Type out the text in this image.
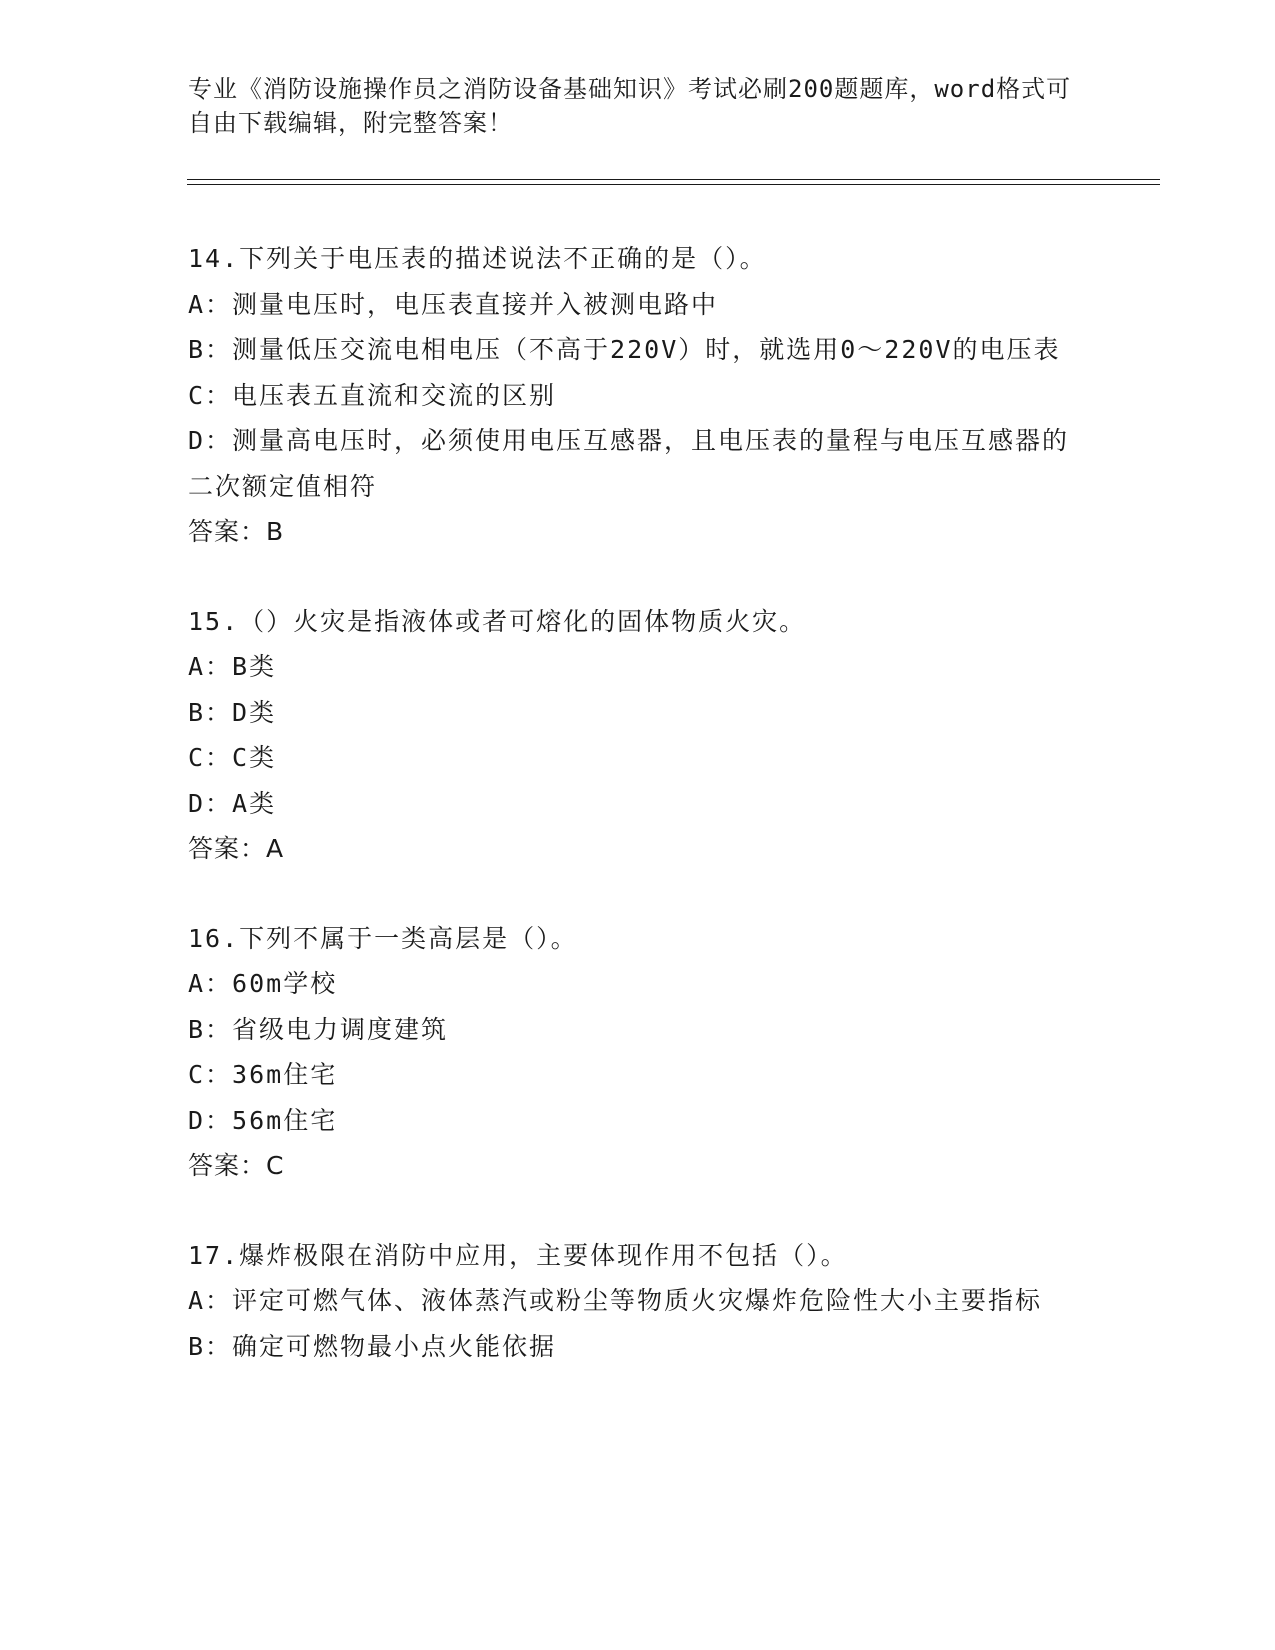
专业《消防设施操作员之消防设备基础知识》考试必刷200题题库，word格式可
自由下载编辑，附完整答案！
14.下列关于电压表的描述说法不正确的是（）。
A：测量电压时，电压表直接并入被测电路中
B：测量低压交流电相电压（不高于220V）时，就选用0～220V的电压表
C：电压表五直流和交流的区别
D：测量高电压时，必须使用电压互感器，且电压表的量程与电压互感器的二次额定值相符
答案：B
15.（）火灾是指液体或者可熔化的固体物质火灾。
A：B类
B：D类
C：C类
D：A类
答案：A
16.下列不属于一类高层是（）。
A：60m学校
B：省级电力调度建筑
C：36m住宅
D：56m住宅
答案：C
17.爆炸极限在消防中应用，主要体现作用不包括（）。
A：评定可燃气体、液体蒸汽或粉尘等物质火灾爆炸危险性大小主要指标
B：确定可燃物最小点火能依据
